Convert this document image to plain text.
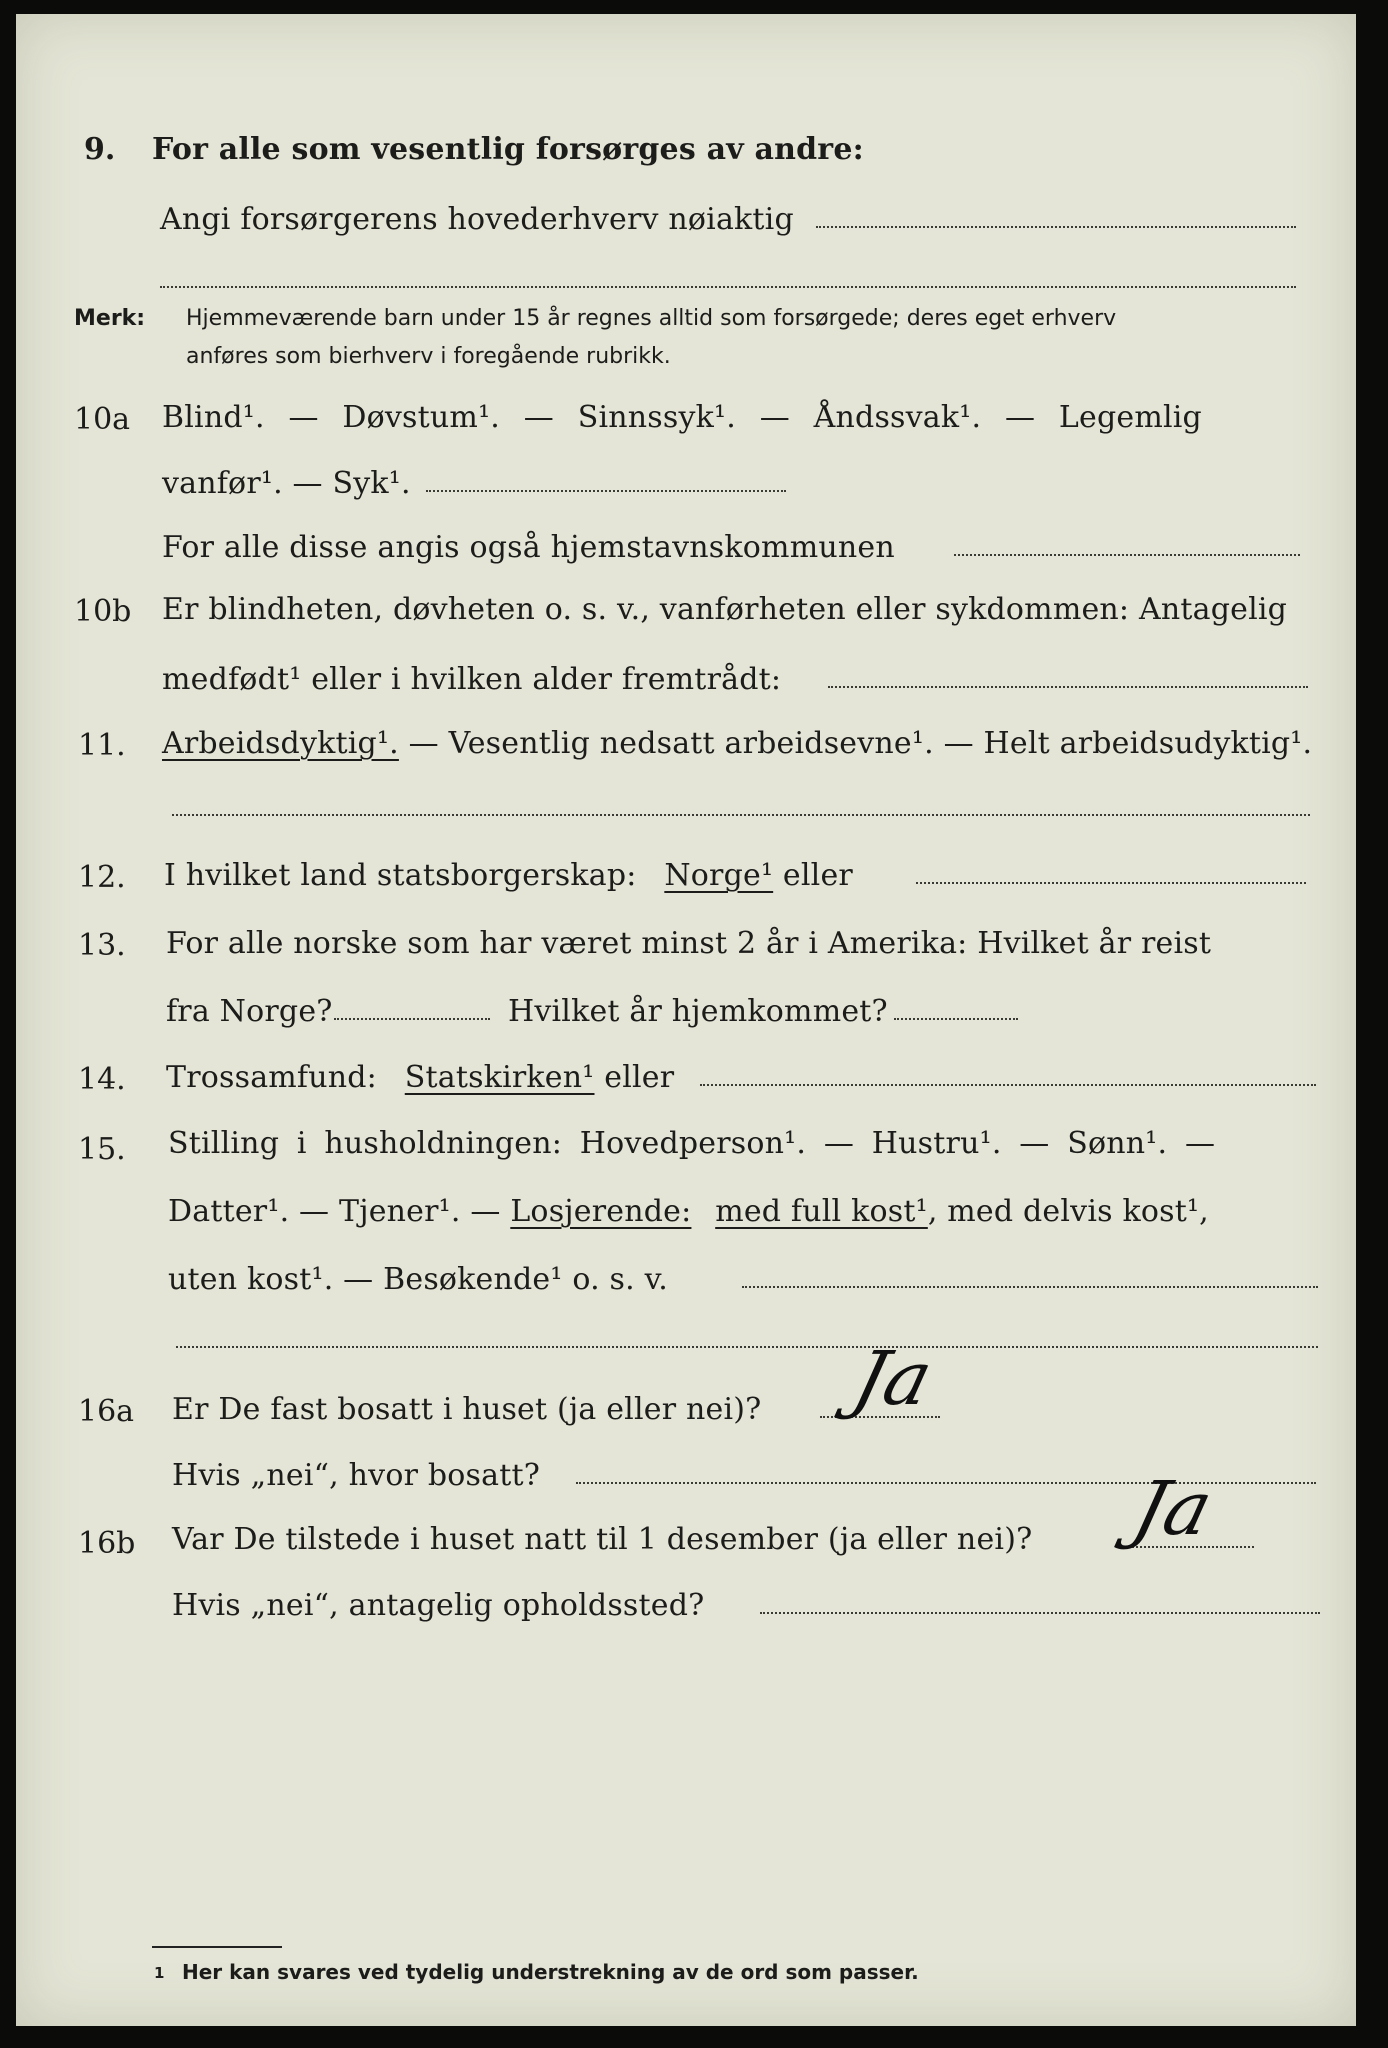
9. For alle som vesentlig forsørges av andre:
Angi forsørgerens hovederhverv nøiaktig
Merk: Hjemmeværende barn under 15 år regnes alltid som forsørgede; deres eget erhverv
anføres som bierhverv i foregående rubrikk.
10a Blind¹. — Døvstum¹. — Sinnssyk¹. — Åndssvak¹. — Legemlig
vanfør¹. — Syk¹.
For alle disse angis også hjemstavnskommunen
10b Er blindheten, døvheten o. s. v., vanførheten eller sykdommen: Antagelig
medfødt¹ eller i hvilken alder fremtrådt:
11. Arbeidsdyktig¹. — Vesentlig nedsatt arbeidsevne¹. — Helt arbeidsudyktig¹.
12. I hvilket land statsborgerskap: Norge¹ eller
13. For alle norske som har været minst 2 år i Amerika: Hvilket år reist
fra Norge?	Hvilket år hjemkommet?
14. Trossamfund: Statskirken¹ eller
15. Stilling i husholdningen: Hovedperson¹. — Hustru¹. — Sønn¹. —
Datter¹. — Tjener¹. — Losjerende: med full kost¹, med delvis kost¹,
uten kost¹. — Besøkende¹ o. s. v.
16a Er De fast bosatt i huset (ja eller nei)? Ja
Hvis „nei“, hvor bosatt?
16b Var De tilstede i huset natt til 1 desember (ja eller nei)? Ja
Hvis „nei“, antagelig opholdssted?
1 Her kan svares ved tydelig understrekning av de ord som passer.
